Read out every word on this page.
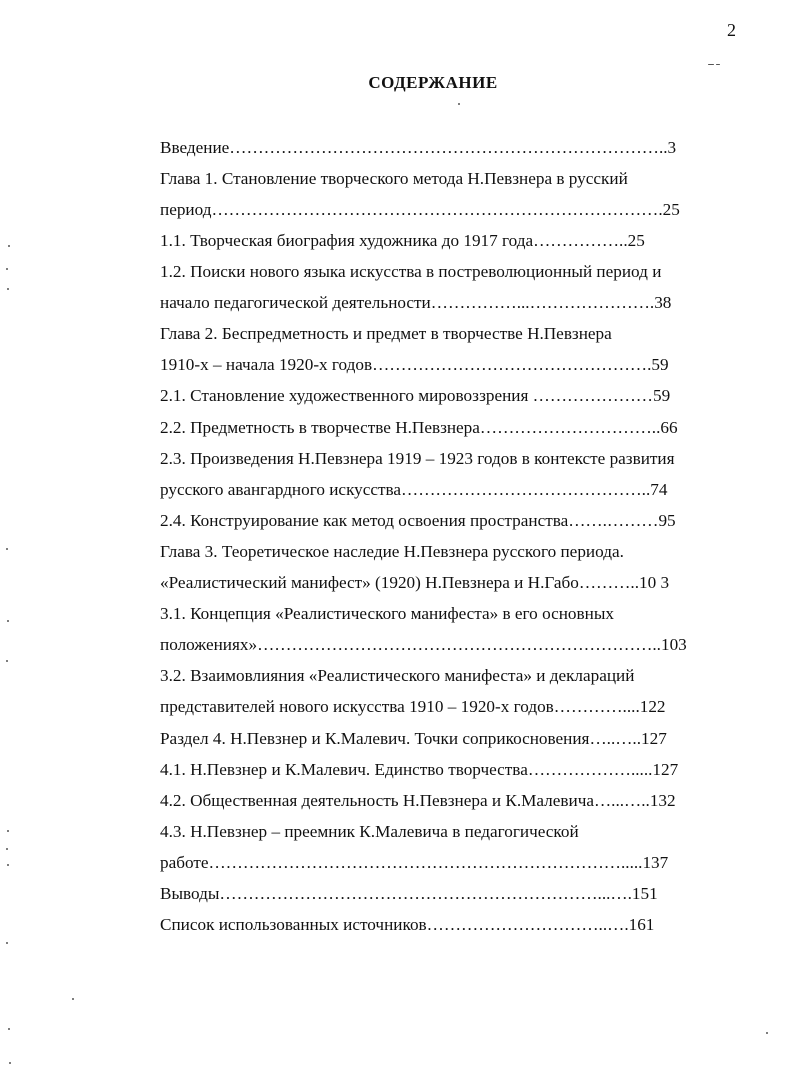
2
СОДЕРЖАНИЕ
Введение…………………………………………………………………..3
Глава 1. Становление творческого метода Н.Певзнера в русский
период…………………………………………………………………….25
1.1. Творческая биография художника до 1917 года……………..25
1.2. Поиски нового языка искусства в постреволюционный период и
начало педагогической деятельности……………...………………….38
Глава 2. Беспредметность и предмет в творчестве Н.Певзнера
1910-х – начала 1920-х годов………………………………………….59
2.1. Становление художественного мировоззрения …………………59
2.2. Предметность в творчестве Н.Певзнера…………………………..66
2.3. Произведения Н.Певзнера 1919 – 1923 годов в контексте развития
русского авангардного искусства……………………………………..74
2.4. Конструирование как метод освоения пространства…….………95
Глава 3. Теоретическое наследие Н.Певзнера русского периода.
«Реалистический манифест» (1920) Н.Певзнера и Н.Габо………..10 3
3.1. Концепция «Реалистического манифеста» в его основных
положениях»……………………………………………………………..103
3.2. Взаимовлияния «Реалистического манифеста» и деклараций
представителей нового искусства 1910 – 1920-х годов…………....122
Раздел 4. Н.Певзнер и К.Малевич. Точки соприкосновения…..…..127
4.1. Н.Певзнер и К.Малевич. Единство творчества……………….....127
4.2. Общественная деятельность Н.Певзнера и К.Малевича…...…..132
4.3. Н.Певзнер – преемник К.Малевича в педагогической
работе……………………………………………………………….....137
Выводы…………………………………………………………...….151
Список использованных источников…………………………..….161
